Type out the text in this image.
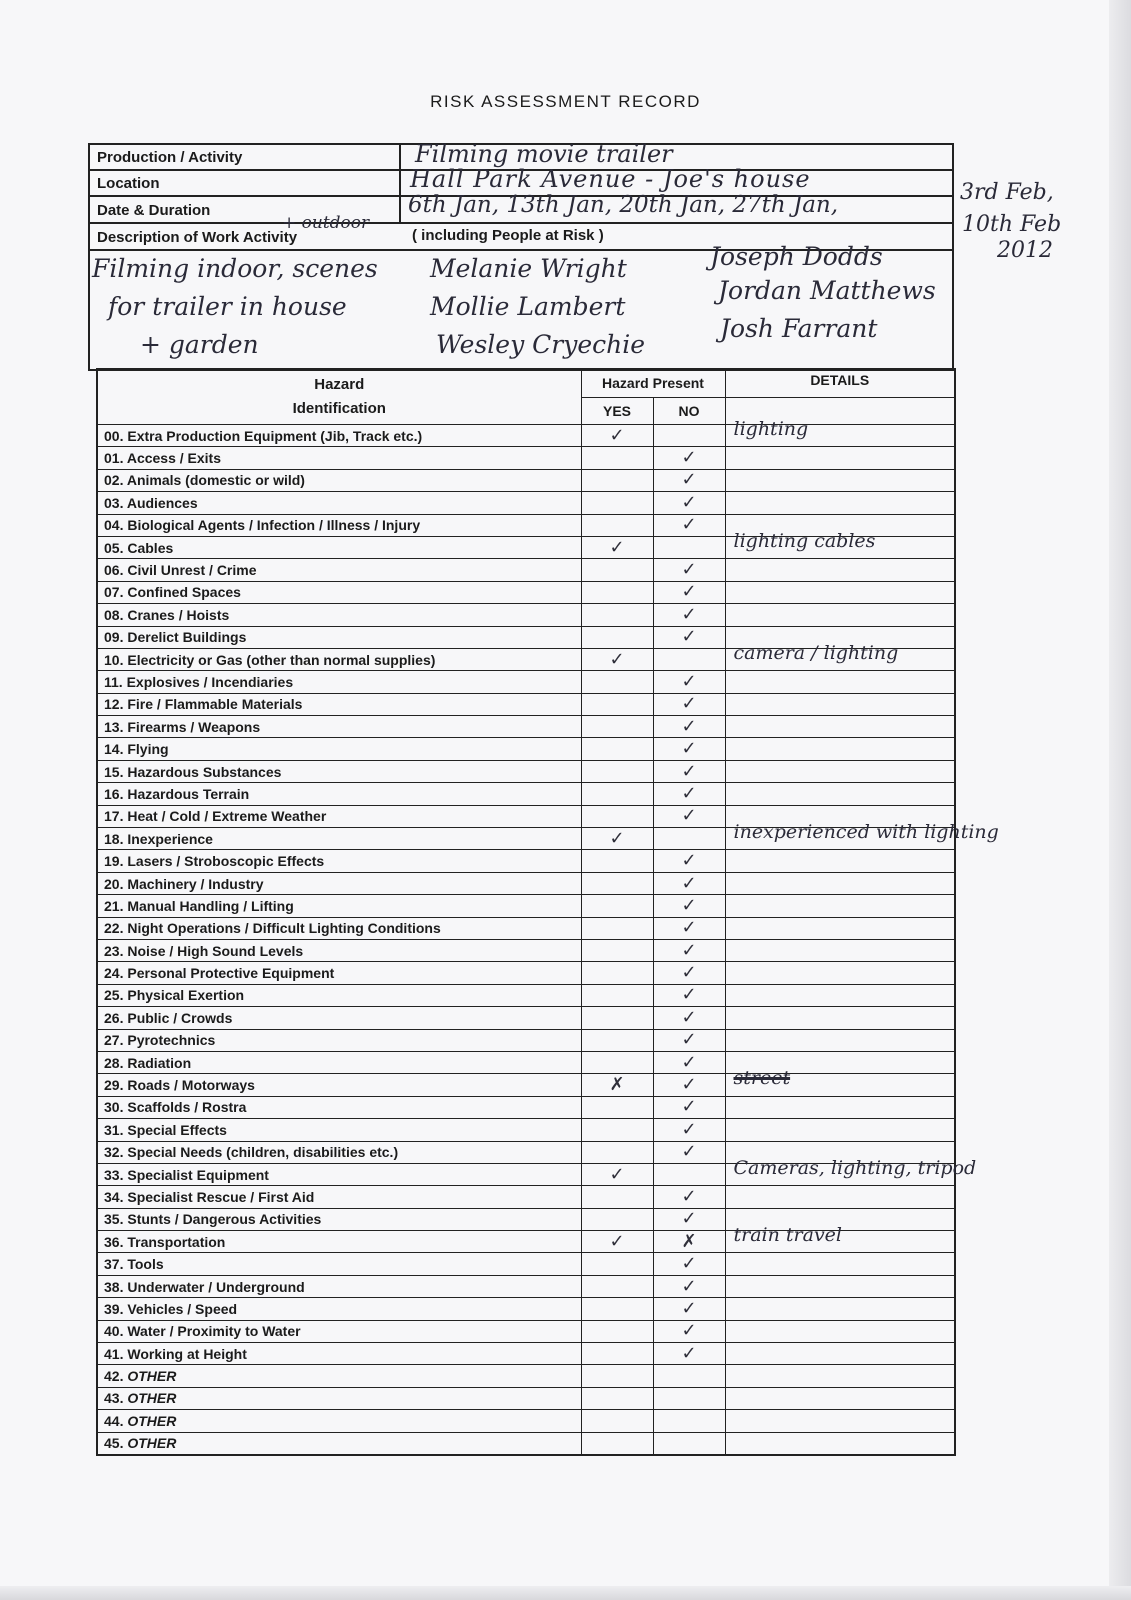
RISK ASSESSMENT RECORD
Production / Activity	Filming movie trailer
Location	Hall Park Avenue - Joe's house
Date & Duration	6th Jan, 13th Jan, 20th Jan, 27th Jan,	3rd Feb,
10th Feb
2012
Description of Work Activity	( including People at Risk )
+ outdoor
Filming indoor, scenes
for trailer in house
+ garden
Melanie Wright
Mollie Lambert
Wesley Cryechie
Joseph Dodds
Jordan Matthews
Josh Farrant
Hazard
Identification	Hazard Present		DETAILS
	YES	NO	
00. Extra Production Equipment (Jib, Track etc.)	✓		lighting

01. Access / Exits		✓	

02. Animals (domestic or wild)		✓	

03. Audiences		✓	

04. Biological Agents / Infection / Illness / Injury		✓	

05. Cables	✓		lighting cables

06. Civil Unrest / Crime		✓	

07. Confined Spaces		✓	

08. Cranes / Hoists		✓	

09. Derelict Buildings		✓	

10. Electricity or Gas (other than normal supplies)	✓		camera / lighting

11. Explosives / Incendiaries		✓	

12. Fire / Flammable Materials		✓	

13. Firearms / Weapons		✓	

14. Flying		✓	

15. Hazardous Substances		✓	

16. Hazardous Terrain		✓	

17. Heat / Cold / Extreme Weather		✓	

18. Inexperience	✓		inexperienced with lighting

19. Lasers / Stroboscopic Effects		✓	

20. Machinery / Industry		✓	

21. Manual Handling / Lifting		✓	

22. Night Operations / Difficult Lighting Conditions		✓	

23. Noise / High Sound Levels		✓	

24. Personal Protective Equipment		✓	

25. Physical Exertion		✓	

26. Public / Crowds		✓	

27. Pyrotechnics		✓	

28. Radiation		✓	

29. Roads / Motorways	✗	✓	street

30. Scaffolds / Rostra		✓	

31. Special Effects		✓	

32. Special Needs (children, disabilities etc.)		✓	

33. Specialist Equipment	✓		Cameras, lighting, tripod

34. Specialist Rescue / First Aid		✓	

35. Stunts / Dangerous Activities		✓	

36. Transportation	✓	✗	train travel

37. Tools		✓	

38. Underwater / Underground		✓	

39. Vehicles / Speed		✓	

40. Water / Proximity to Water		✓	

41. Working at Height		✓	

42. OTHER			

43. OTHER			

44. OTHER			

45. OTHER			
